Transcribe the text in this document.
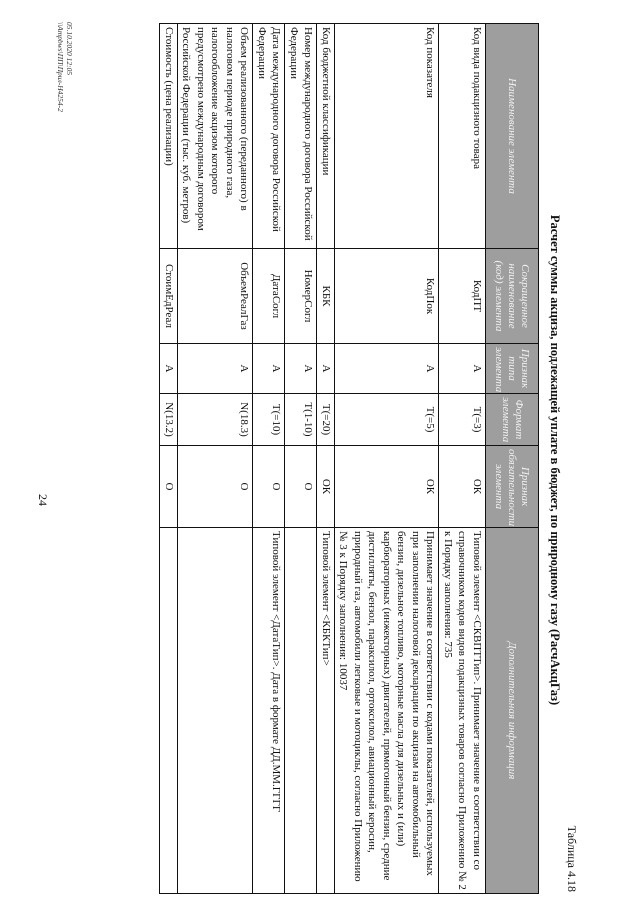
24
Таблица 4.18
Расчет суммы акциза, подлежащей уплате в бюджет, по природному газу (РасчАкцГаз)
Наименование элемента	Сокращенное наименование (код) элемента	Признак типа элемента	Формат элемента	Признак обязательности элемента	Дополнительная информация
Код вида подакцизного товара	КодПТ	А	T(=3)	ОК	Типовой элемент <СКВПТТип>. Принимает значение в соответствии со справочником кодов видов подакцизных товаров согласно Приложению № 2 к Порядку заполнения: 735
Код показателя	КодПок	А	T(=5)	ОК	Принимает значение в соответствии с кодами показателей, используемых при заполнении налоговой декларации по акцизам на автомобильный бензин, дизельное топливо, моторные масла для дизельных и (или) карбюраторных (инжекторных) двигателей, прямогонный бензин, средние дистилляты, бензол, параксилол, ортоксилол, авиационный керосин, природный газ, автомобили легковые и мотоциклы, согласно Приложению № 3 к Порядку заполнения: 10037
Код бюджетной классификации	КБК	А	T(=20)	ОК	Типовой элемент <КБКТип>
Номер международного договора Российской Федерации	НомерСогл	А	T(1-10)	О	
Дата международного договора Российской Федерации	ДатаСогл	А	T(=10)	О	Типовой элемент <ДатаТип>. Дата в формате ДД.ММ.ГГГГ
Объем реализованного (переданного) в налоговом периоде природного газа, налогообложение акцизом которого предусмотрено международным договором Российской Федерации (тыс. куб. метров)	ОбъемРеалГаз	А	N(18.3)	О	
Стоимость (цена реализации)	СтоимЕдРеал	А	N(13.2)	О	
05.10.2020 12:05
\\Ampbws\ПП\Прил-Н4254-2
